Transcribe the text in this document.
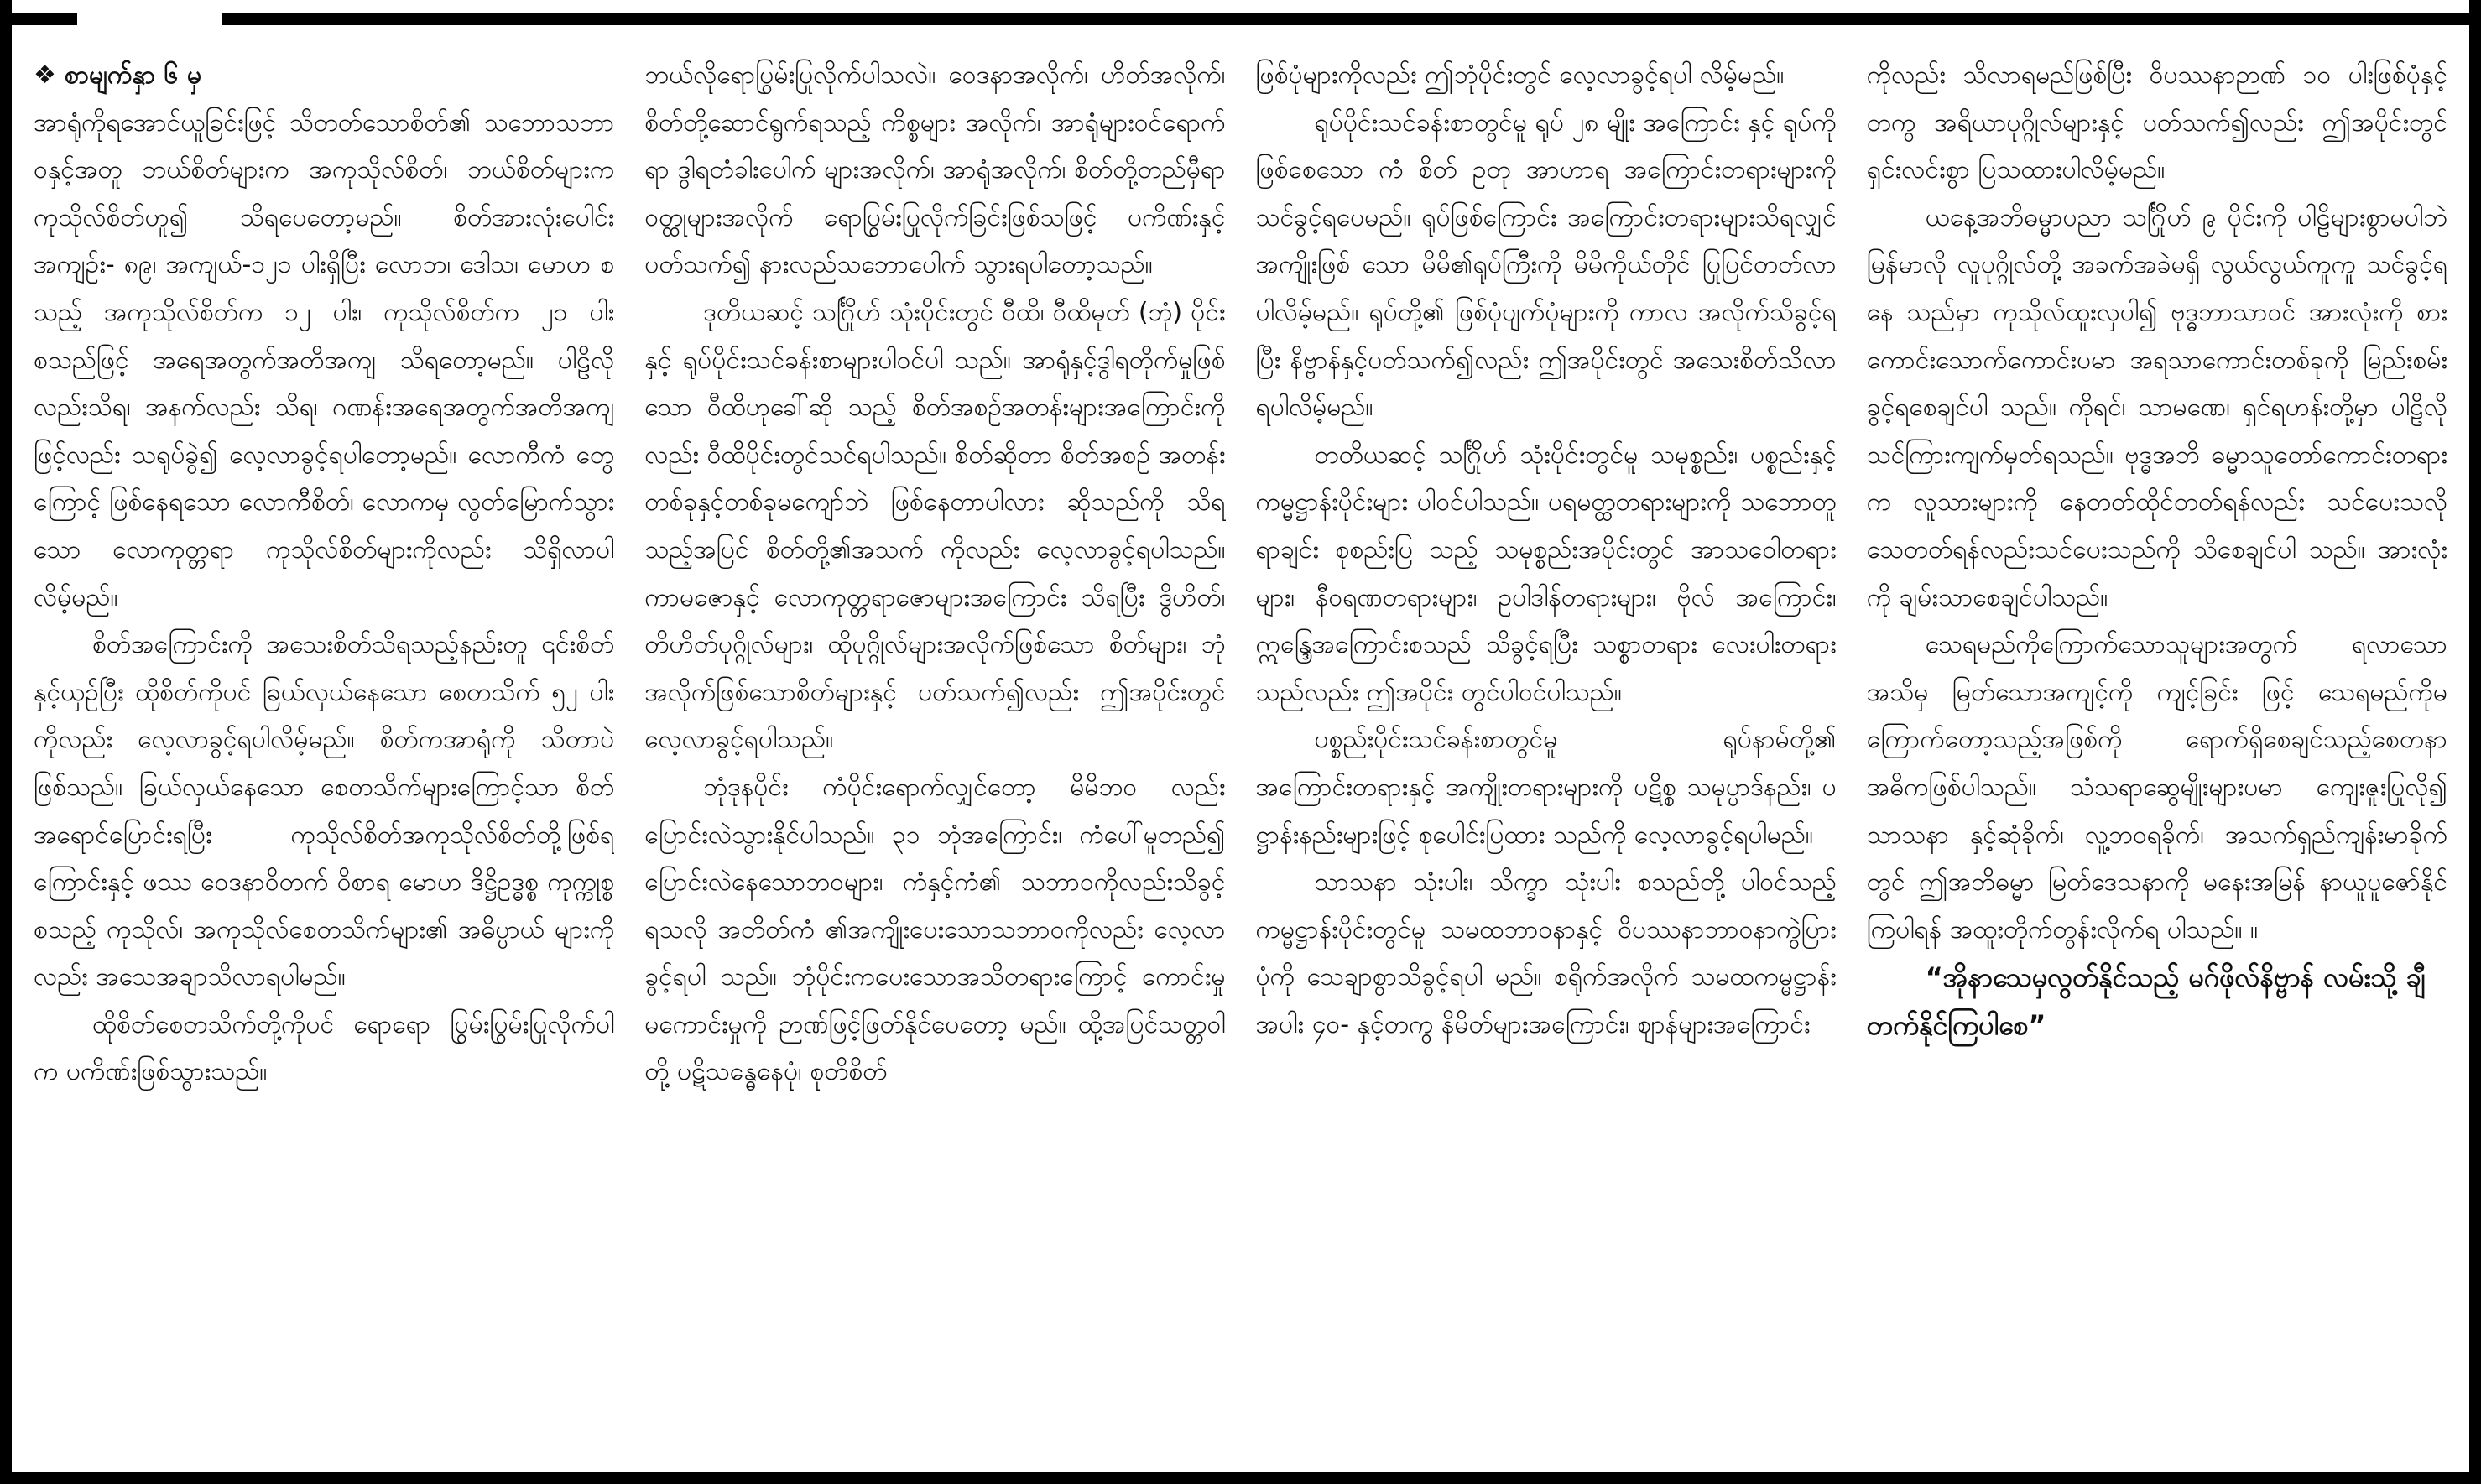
❖ စာမျက်နှာ ၆ မှ

အာရုံကိုရအောင်ယူခြင်းဖြင့် သိတတ်သောစိတ်၏ သဘောသဘာဝနှင့်အတူ ဘယ်စိတ်များက အကုသိုလ်စိတ်၊ ဘယ်စိတ်များက ကုသိုလ်စိတ်ဟူ၍ သိရပေတော့မည်။ စိတ်အားလုံးပေါင်း အကျဉ်း- ၈၉၊ အကျယ်-၁၂၁ ပါးရှိပြီး လောဘ၊ ဒေါသ၊ မောဟ စသည့် အကုသိုလ်စိတ်က ၁၂ ပါး၊ ကုသိုလ်စိတ်က ၂၁ ပါး စသည်ဖြင့် အရေအတွက်အတိအကျ သိရတော့မည်။ ပါဠိလိုလည်းသိရ၊ အနက်လည်း သိရ၊ ဂဏန်းအရေအတွက်အတိအကျဖြင့်လည်း သရုပ်ခွဲ၍ လေ့လာခွင့်ရပါတော့မည်။ လောကီကံ တွေကြောင့် ဖြစ်နေရသော လောကီစိတ်၊ လောကမှ လွတ်မြောက်သွားသော လောကုတ္တရာ ကုသိုလ်စိတ်များကိုလည်း သိရှိလာပါလိမ့်မည်။

စိတ်အကြောင်းကို အသေးစိတ်သိရသည့်နည်းတူ ၎င်းစိတ်နှင့်ယှဉ်ပြီး ထိုစိတ်ကိုပင် ခြယ်လှယ်နေသော စေတသိက် ၅၂ ပါးကိုလည်း လေ့လာခွင့်ရပါလိမ့်မည်။ စိတ်ကအာရုံကို သိတာပဲဖြစ်သည်။ ခြယ်လှယ်နေသော စေတသိက်များကြောင့်သာ စိတ်အရောင်ပြောင်းရပြီး ကုသိုလ်စိတ်အကုသိုလ်စိတ်တို့ဖြစ်ရကြောင်းနှင့် ဖဿ ဝေဒနာဝိတက် ဝိစာရ မောဟ ဒိဋ္ဌိဥဒ္ဓစ္စ ကုက္ကုစ္စ စသည့် ကုသိုလ်၊ အကုသိုလ်စေတသိက်များ၏ အဓိပ္ပာယ် များကိုလည်း အသေအချာသိလာရပါမည်။

ထိုစိတ်စေတသိက်တို့ကိုပင် ရောရော ပြွမ်းပြွမ်းပြုလိုက်ပါက ပကိဏ်းဖြစ်သွားသည်။

ဘယ်လိုရောပြွမ်းပြုလိုက်ပါသလဲ။ ဝေဒနာအလိုက်၊ ဟိတ်အလိုက်၊ စိတ်တို့ဆောင်ရွက်ရသည့် ကိစ္စများ အလိုက်၊ အာရုံများဝင်ရောက်ရာ ဒွါရတံခါးပေါက် များအလိုက်၊ အာရုံအလိုက်၊ စိတ်တို့တည်မှီရာ ဝတ္ထုများအလိုက် ရောပြွမ်းပြုလိုက်ခြင်းဖြစ်သဖြင့် ပကိဏ်းနှင့်ပတ်သက်၍ နားလည်သဘောပေါက် သွားရပါတော့သည်။

ဒုတိယဆင့် သင်္ဂြိုဟ် သုံးပိုင်းတွင် ဝီထိ၊ ဝီထိမုတ် (ဘုံ) ပိုင်းနှင့် ရုပ်ပိုင်းသင်ခန်းစာများပါဝင်ပါ သည်။ အာရုံနှင့်ဒွါရတိုက်မှုဖြစ်သော ဝီထိဟုခေါ်ဆို သည့် စိတ်အစဉ်အတန်းများအကြောင်းကိုလည်း ဝီထိပိုင်းတွင်သင်ရပါသည်။ စိတ်ဆိုတာ စိတ်အစဉ် အတန်း တစ်ခုနှင့်တစ်ခုမကျော်ဘဲ ဖြစ်နေတာပါလား ဆိုသည်ကို သိရသည့်အပြင် စိတ်တို့၏အသက် ကိုလည်း လေ့လာခွင့်ရပါသည်။ ကာမဇောနှင့် လောကုတ္တရာဇောများအကြောင်း သိရပြီး ဒွိဟိတ်၊ တိဟိတ်ပုဂ္ဂိုလ်များ၊ ထိုပုဂ္ဂိုလ်များအလိုက်ဖြစ်သော စိတ်များ၊ ဘုံအလိုက်ဖြစ်သောစိတ်များနှင့် ပတ်သက်၍လည်း ဤအပိုင်းတွင်လေ့လာခွင့်ရပါသည်။

ဘုံဒုနပိုင်း ကံပိုင်းရောက်လျှင်တော့ မိမိဘဝ လည်းပြောင်းလဲသွားနိုင်ပါသည်။ ၃၁ ဘုံအကြောင်း၊ ကံပေါ်မူတည်၍ ပြောင်းလဲနေသောဘဝများ၊ ကံနှင့်ကံ၏ သဘာဝကိုလည်းသိခွင့်ရသလို အတိတ်ကံ ၏အကျိုးပေးသောသဘာဝကိုလည်း လေ့လာခွင့်ရပါ သည်။ ဘုံပိုင်းကပေးသောအသိတရားကြောင့် ကောင်းမှုမကောင်းမှုကို ဉာဏ်ဖြင့်ဖြတ်နိုင်ပေတော့ မည်။ ထို့အပြင်သတ္တဝါတို့ ပဋိသန္ဓေနေပုံ၊ စုတိစိတ်

ဖြစ်ပုံများကိုလည်း ဤဘုံပိုင်းတွင် လေ့လာခွင့်ရပါ လိမ့်မည်။

ရုပ်ပိုင်းသင်ခန်းစာတွင်မူ ရုပ် ၂၈ မျိုး အကြောင်း နှင့် ရုပ်ကိုဖြစ်စေသော ကံ စိတ် ဥတု အာဟာရ အကြောင်းတရားများကို သင်ခွင့်ရပေမည်။ ရုပ်ဖြစ်ကြောင်း အကြောင်းတရားများသိရလျှင် အကျိုးဖြစ် သော မိမိ၏ရုပ်ကြီးကို မိမိကိုယ်တိုင် ပြုပြင်တတ်လာ ပါလိမ့်မည်။ ရုပ်တို့၏ ဖြစ်ပုံပျက်ပုံများကို ကာလ အလိုက်သိခွင့်ရပြီး နိဗ္ဗာန်နှင့်ပတ်သက်၍လည်း ဤအပိုင်းတွင် အသေးစိတ်သိလာရပါလိမ့်မည်။

တတိယဆင့် သင်္ဂြိုဟ် သုံးပိုင်းတွင်မူ သမုစ္စည်း၊ ပစ္စည်းနှင့် ကမ္မဋ္ဌာန်းပိုင်းများ ပါဝင်ပါသည်။ ပရမတ္ထတရားများကို သဘောတူရာချင်း စုစည်းပြ သည့် သမုစ္စည်းအပိုင်းတွင် အာသဝေါတရားများ၊ နီဝရဏတရားများ၊ ဥပါဒါန်တရားများ၊ ဗိုလ် အကြောင်း၊ ဣန္ဒြေအကြောင်းစသည် သိခွင့်ရပြီး သစ္စာတရား လေးပါးတရားသည်လည်း ဤအပိုင်း တွင်ပါဝင်ပါသည်။

ပစ္စည်းပိုင်းသင်ခန်းစာတွင်မူ ရုပ်နာမ်တို့၏ အကြောင်းတရားနှင့် အကျိုးတရားများကို ပဋိစ္စ သမုပ္ပာဒ်နည်း၊ ပဋ္ဌာန်းနည်းများဖြင့် စုပေါင်းပြထား သည်ကို လေ့လာခွင့်ရပါမည်။

သာသနာ သုံးပါး၊ သိက္ခာ သုံးပါး စသည်တို့ ပါဝင်သည့်ကမ္မဋ္ဌာန်းပိုင်းတွင်မူ သမထဘာဝနာနှင့် ဝိပဿနာဘာဝနာကွဲပြားပုံကို သေချာစွာသိခွင့်ရပါ မည်။ စရိုက်အလိုက် သမထကမ္မဋ္ဌာန်း အပါး ၄၀- နှင့်တကွ နိမိတ်များအကြောင်း၊ ဈာန်များအကြောင်း

ကိုလည်း သိလာရမည်ဖြစ်ပြီး ဝိပဿနာဉာဏ် ၁၀ ပါးဖြစ်ပုံနှင့်တကွ အရိယာပုဂ္ဂိုလ်များနှင့် ပတ်သက်၍လည်း ဤအပိုင်းတွင် ရှင်းလင်းစွာ ပြသထားပါလိမ့်မည်။

ယနေ့အဘိဓမ္မာပညာ သင်္ဂြိုဟ် ၉ ပိုင်းကို ပါဠိများစွာမပါဘဲ မြန်မာလို လူပုဂ္ဂိုလ်တို့ အခက်အခဲမရှိ လွယ်လွယ်ကူကူ သင်ခွင့်ရနေ သည်မှာ ကုသိုလ်ထူးလှပါ၍ ဗုဒ္ဓဘာသာဝင် အားလုံးကို စားကောင်းသောက်ကောင်းပမာ အရသာကောင်းတစ်ခုကို မြည်းစမ်းခွင့်ရစေချင်ပါ သည်။ ကိုရင်၊ သာမဏေ၊ ရှင်ရဟန်းတို့မှာ ပါဠိလိုသင်ကြားကျက်မှတ်ရသည်။ ဗုဒ္ဓအဘိ ဓမ္မာသူတော်ကောင်းတရားက လူသားများကို နေတတ်ထိုင်တတ်ရန်လည်း သင်ပေးသလို သေတတ်ရန်လည်းသင်ပေးသည်ကို သိစေချင်ပါ သည်။ အားလုံးကို ချမ်းသာစေချင်ပါသည်။

သေရမည်ကိုကြောက်သောသူများအတွက် ရလာသောအသိမှ မြတ်သောအကျင့်ကို ကျင့်ခြင်း ဖြင့် သေရမည်ကိုမကြောက်တော့သည့်အဖြစ်ကို ရောက်ရှိစေချင်သည့်စေတနာ အဓိကဖြစ်ပါသည်။ သံသရာဆွေမျိုးများပမာ ကျေးဇူးပြုလို၍ သာသနာ နှင့်ဆုံခိုက်၊ လူ့ဘဝရခိုက်၊ အသက်ရှည်ကျန်းမာခိုက် တွင် ဤအဘိဓမ္မာ မြတ်ဒေသနာကို မနေးအမြန် နာယူပူဇော်နိုင်ကြပါရန် အထူးတိုက်တွန်းလိုက်ရ ပါသည်။ ။

“အိုနာသေမှလွတ်နိုင်သည့် မဂ်ဖိုလ်နိဗ္ဗာန် လမ်းသို့ ချီတက်နိုင်ကြပါစေ”
